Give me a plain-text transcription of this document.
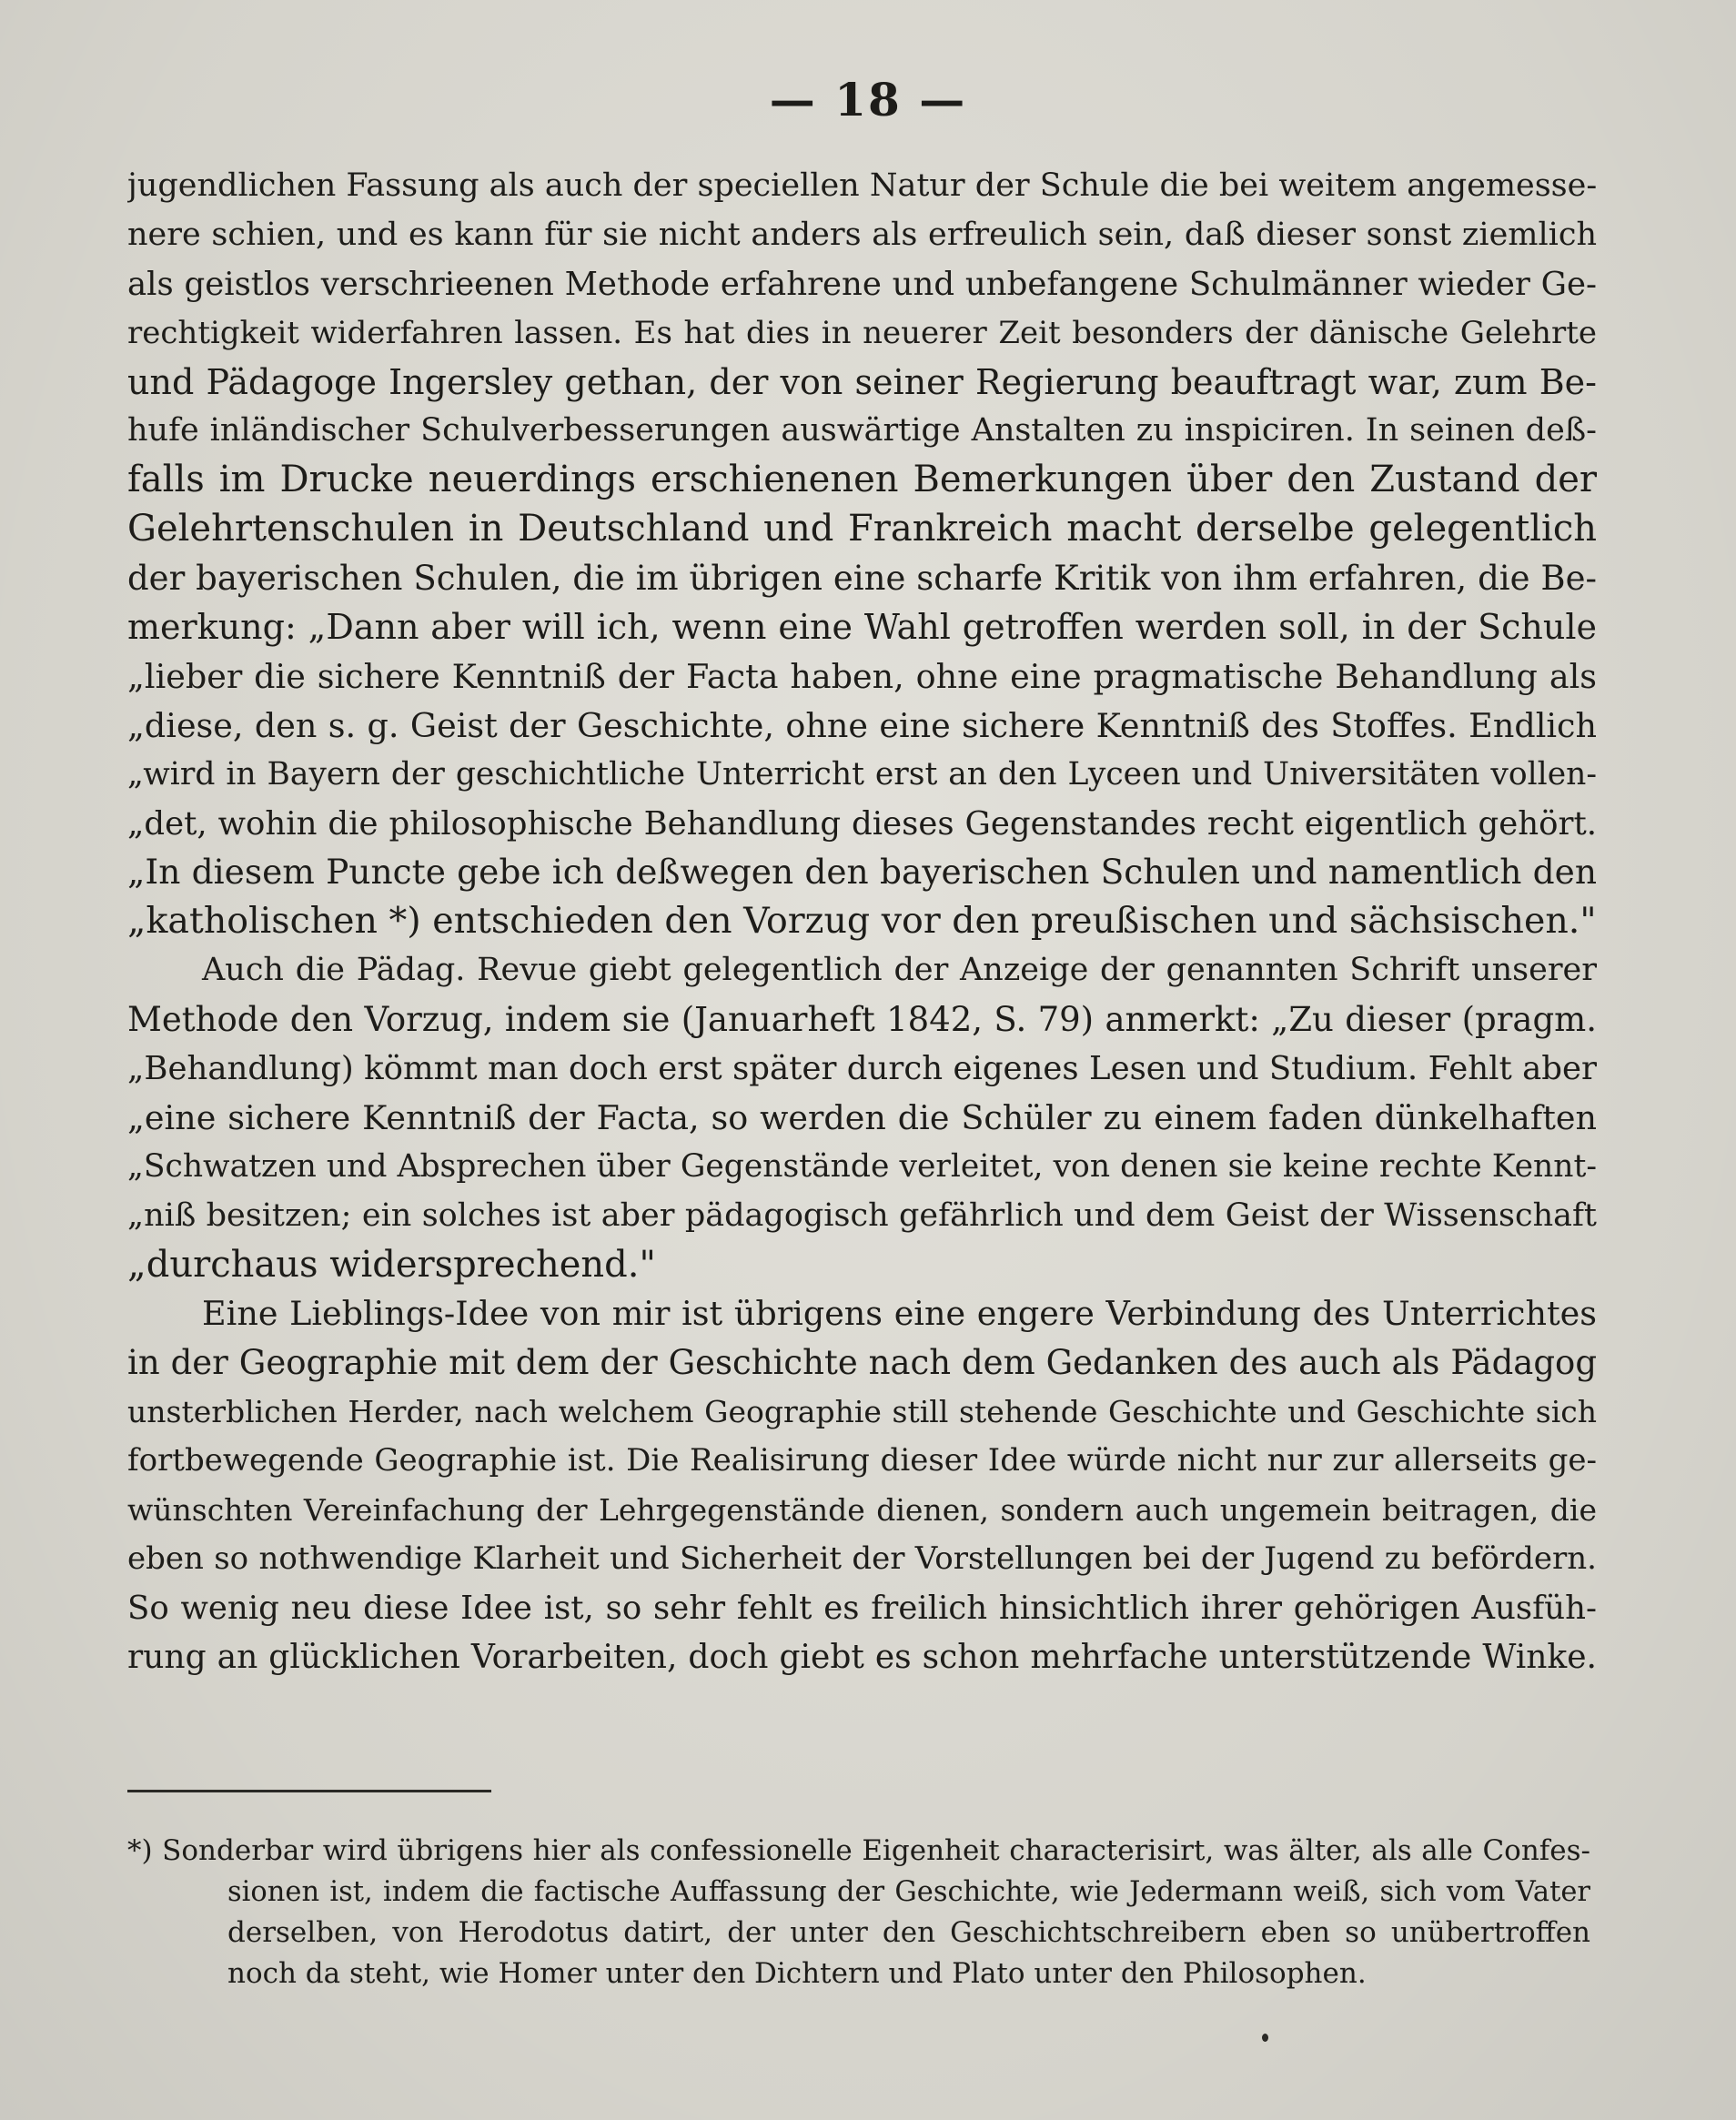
— 18 —
jugendlichen Fassung als auch der speciellen Natur der Schule die bei weitem angemesse-
nere schien, und es kann für sie nicht anders als erfreulich sein, daß dieser sonst ziemlich
als geistlos verschrieenen Methode erfahrene und unbefangene Schulmänner wieder Ge-
rechtigkeit widerfahren lassen. Es hat dies in neuerer Zeit besonders der dänische Gelehrte
und Pädagoge Ingersley gethan, der von seiner Regierung beauftragt war, zum Be-
hufe inländischer Schulverbesserungen auswärtige Anstalten zu inspiciren. In seinen deß-
falls im Drucke neuerdings erschienenen Bemerkungen über den Zustand der
Gelehrtenschulen in Deutschland und Frankreich macht derselbe gelegentlich
der bayerischen Schulen, die im übrigen eine scharfe Kritik von ihm erfahren, die Be-
merkung: „Dann aber will ich, wenn eine Wahl getroffen werden soll, in der Schule
„lieber die sichere Kenntniß der Facta haben, ohne eine pragmatische Behandlung als
„diese, den s. g. Geist der Geschichte, ohne eine sichere Kenntniß des Stoffes. Endlich
„wird in Bayern der geschichtliche Unterricht erst an den Lyceen und Universitäten vollen-
„det, wohin die philosophische Behandlung dieses Gegenstandes recht eigentlich gehört.
„In diesem Puncte gebe ich deßwegen den bayerischen Schulen und namentlich den
„katholischen *) entschieden den Vorzug vor den preußischen und sächsischen."
Auch die Pädag. Revue giebt gelegentlich der Anzeige der genannten Schrift unserer
Methode den Vorzug, indem sie (Januarheft 1842, S. 79) anmerkt: „Zu dieser (pragm.
„Behandlung) kömmt man doch erst später durch eigenes Lesen und Studium. Fehlt aber
„eine sichere Kenntniß der Facta, so werden die Schüler zu einem faden dünkelhaften
„Schwatzen und Absprechen über Gegenstände verleitet, von denen sie keine rechte Kennt-
„niß besitzen; ein solches ist aber pädagogisch gefährlich und dem Geist der Wissenschaft
„durchaus widersprechend."
Eine Lieblings-Idee von mir ist übrigens eine engere Verbindung des Unterrichtes
in der Geographie mit dem der Geschichte nach dem Gedanken des auch als Pädagog
unsterblichen Herder, nach welchem Geographie still stehende Geschichte und Geschichte sich
fortbewegende Geographie ist. Die Realisirung dieser Idee würde nicht nur zur allerseits ge-
wünschten Vereinfachung der Lehrgegenstände dienen, sondern auch ungemein beitragen, die
eben so nothwendige Klarheit und Sicherheit der Vorstellungen bei der Jugend zu befördern.
So wenig neu diese Idee ist, so sehr fehlt es freilich hinsichtlich ihrer gehörigen Ausfüh-
rung an glücklichen Vorarbeiten, doch giebt es schon mehrfache unterstützende Winke.
*) Sonderbar wird übrigens hier als confessionelle Eigenheit characterisirt, was älter, als alle Confes-
sionen ist, indem die factische Auffassung der Geschichte, wie Jedermann weiß, sich vom Vater
derselben, von Herodotus datirt, der unter den Geschichtschreibern eben so unübertroffen
noch da steht, wie Homer unter den Dichtern und Plato unter den Philosophen.
